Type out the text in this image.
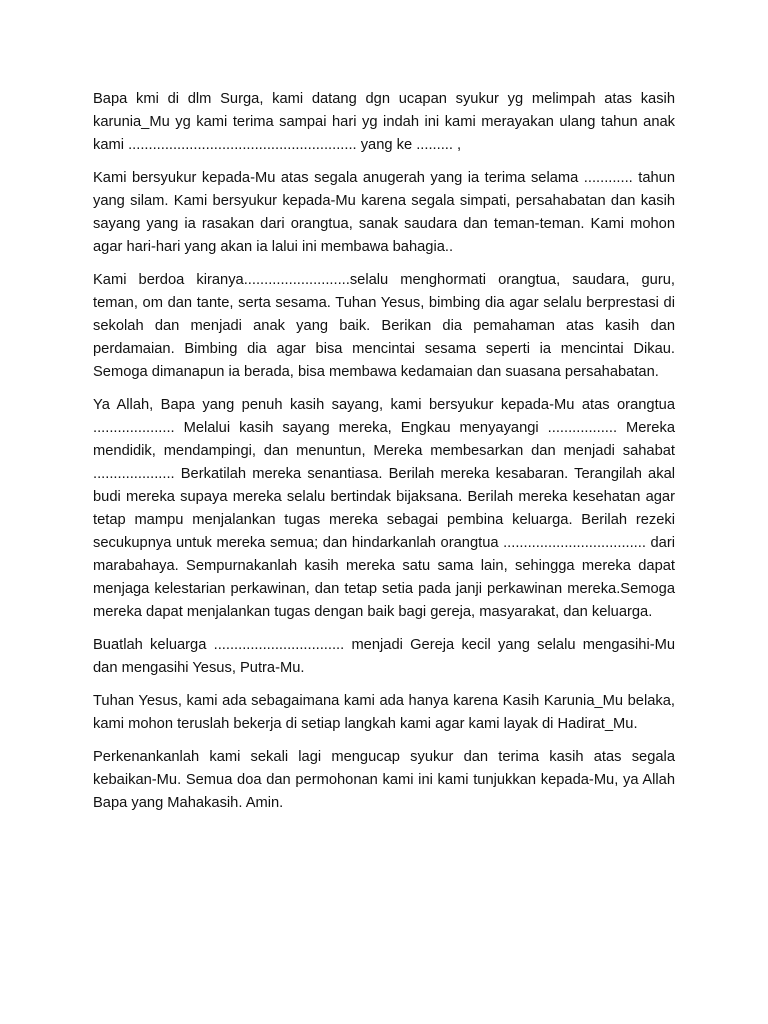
Bapa kmi di dlm Surga, kami datang dgn ucapan syukur yg melimpah atas kasih karunia_Mu yg kami terima sampai hari yg indah ini kami merayakan ulang tahun anak kami ........................................................ yang ke ......... ,

Kami bersyukur kepada-Mu atas segala anugerah yang ia terima selama ............ tahun yang silam. Kami bersyukur kepada-Mu karena segala simpati, persahabatan dan kasih sayang yang ia rasakan dari orangtua, sanak saudara dan teman-teman. Kami mohon agar hari-hari yang akan ia lalui ini membawa bahagia..

Kami berdoa kiranya..........................selalu menghormati orangtua, saudara, guru, teman, om dan tante, serta sesama. Tuhan Yesus, bimbing dia agar selalu berprestasi di sekolah dan menjadi anak yang baik. Berikan dia pemahaman atas kasih dan perdamaian. Bimbing dia agar bisa mencintai sesama seperti ia mencintai Dikau. Semoga dimanapun ia berada, bisa membawa kedamaian dan suasana persahabatan.

Ya Allah, Bapa yang penuh kasih sayang, kami bersyukur kepada-Mu atas orangtua .................... Melalui kasih sayang mereka, Engkau menyayangi ................. Mereka mendidik, mendampingi, dan menuntun, Mereka membesarkan dan menjadi sahabat .................... Berkatilah mereka senantiasa. Berilah mereka kesabaran. Terangilah akal budi mereka supaya mereka selalu bertindak bijaksana. Berilah mereka kesehatan agar tetap mampu menjalankan tugas mereka sebagai pembina keluarga. Berilah rezeki secukupnya untuk mereka semua; dan hindarkanlah orangtua ................................... dari marabahaya. Sempurnakanlah kasih mereka satu sama lain, sehingga mereka dapat menjaga kelestarian perkawinan, dan tetap setia pada janji perkawinan mereka.Semoga mereka dapat menjalankan tugas dengan baik bagi gereja, masyarakat, dan keluarga.

Buatlah keluarga ................................ menjadi Gereja kecil yang selalu mengasihi-Mu dan mengasihi Yesus, Putra-Mu.

Tuhan Yesus, kami ada sebagaimana kami ada hanya karena Kasih Karunia_Mu belaka, kami mohon teruslah bekerja di setiap langkah kami agar kami layak di Hadirat_Mu.

Perkenankanlah kami sekali lagi mengucap syukur dan terima kasih atas segala kebaikan-Mu. Semua doa dan permohonan kami ini kami tunjukkan kepada-Mu, ya Allah Bapa yang Mahakasih. Amin.
